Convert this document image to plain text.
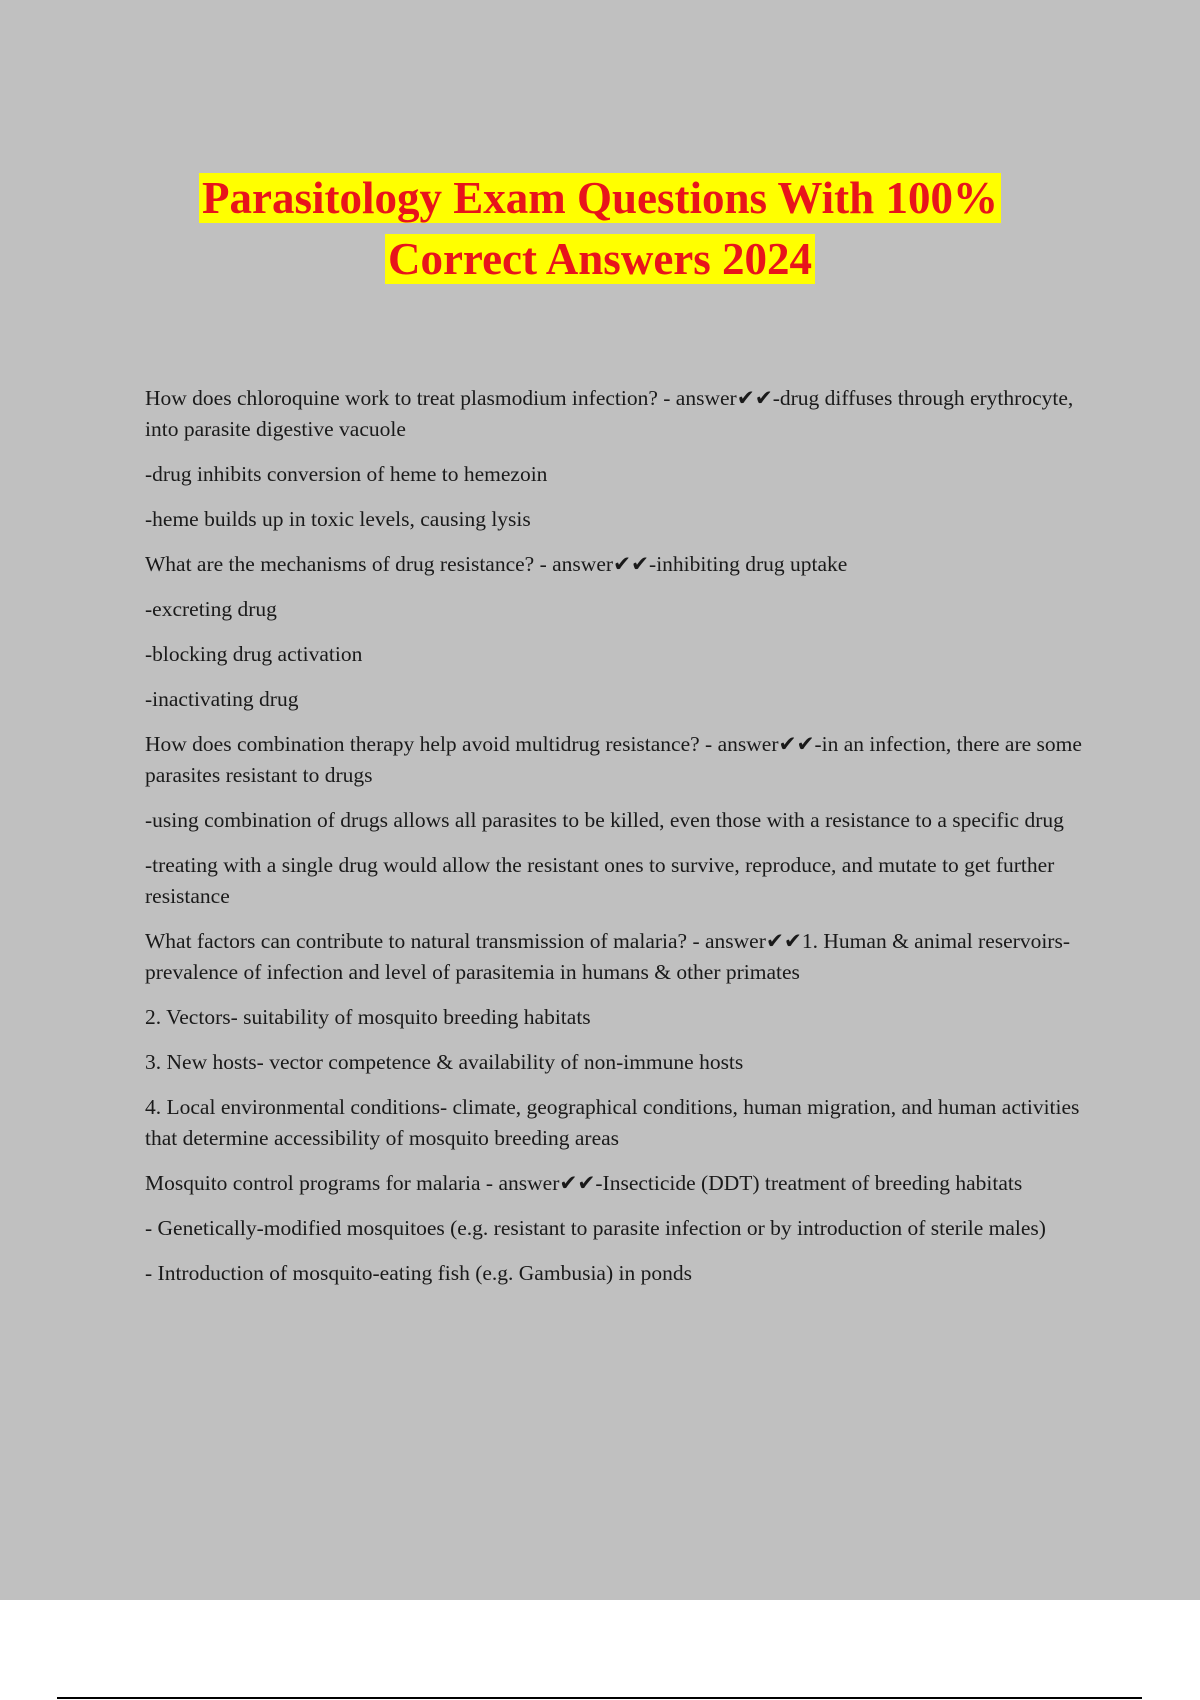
Parasitology Exam Questions With 100%
Correct Answers 2024

How does chloroquine work to treat plasmodium infection? - answer✔✔-drug diffuses through erythrocyte, into parasite digestive vacuole

-drug inhibits conversion of heme to hemezoin

-heme builds up in toxic levels, causing lysis

What are the mechanisms of drug resistance? - answer✔✔-inhibiting drug uptake

-excreting drug

-blocking drug activation

-inactivating drug

How does combination therapy help avoid multidrug resistance? - answer✔✔-in an infection, there are some parasites resistant to drugs

-using combination of drugs allows all parasites to be killed, even those with a resistance to a specific drug

-treating with a single drug would allow the resistant ones to survive, reproduce, and mutate to get further resistance

What factors can contribute to natural transmission of malaria? - answer✔✔1. Human & animal reservoirs- prevalence of infection and level of parasitemia in humans & other primates

2. Vectors- suitability of mosquito breeding habitats

3. New hosts- vector competence & availability of non-immune hosts

4. Local environmental conditions- climate, geographical conditions, human migration, and human activities that determine accessibility of mosquito breeding areas

Mosquito control programs for malaria - answer✔✔-Insecticide (DDT) treatment of breeding habitats

- Genetically-modified mosquitoes (e.g. resistant to parasite infection or by introduction of sterile males)

- Introduction of mosquito-eating fish (e.g. Gambusia) in ponds
